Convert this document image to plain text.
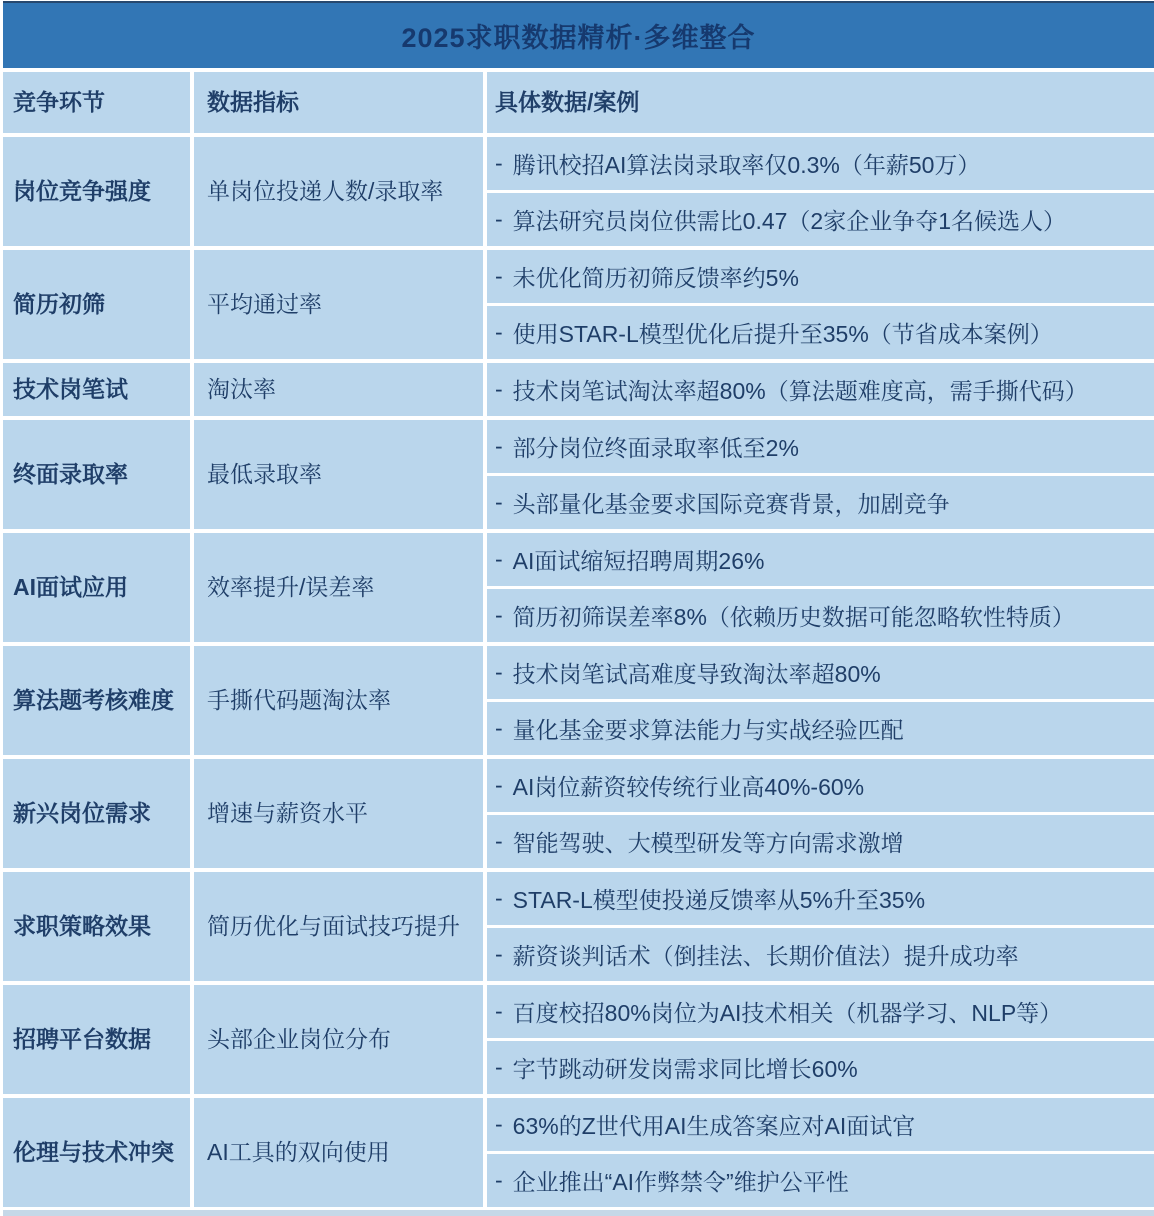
2025求职数据精析·多维整合
竞争环节	数据指标	具体数据/案例
岗位竞争强度	单岗位投递人数/录取率
- 腾讯校招AI算法岗录取率仅0.3%（年薪50万）
- 算法研究员岗位供需比0.47（2家企业争夺1名候选人）
简历初筛	平均通过率
- 未优化简历初筛反馈率约5%
- 使用STAR-L模型优化后提升至35%（节省成本案例）
技术岗笔试	淘汰率	- 技术岗笔试淘汰率超80%（算法题难度高，需手撕代码）
终面录取率	最低录取率
- 部分岗位终面录取率低至2%
- 头部量化基金要求国际竞赛背景，加剧竞争
AI面试应用	效率提升/误差率
- AI面试缩短招聘周期26%
- 简历初筛误差率8%（依赖历史数据可能忽略软性特质）
算法题考核难度	手撕代码题淘汰率
- 技术岗笔试高难度导致淘汰率超80%
- 量化基金要求算法能力与实战经验匹配
新兴岗位需求	增速与薪资水平
- AI岗位薪资较传统行业高40%-60%
- 智能驾驶、大模型研发等方向需求激增
求职策略效果	简历优化与面试技巧提升
- STAR-L模型使投递反馈率从5%升至35%
- 薪资谈判话术（倒挂法、长期价值法）提升成功率
招聘平台数据	头部企业岗位分布
- 百度校招80%岗位为AI技术相关（机器学习、NLP等）
- 字节跳动研发岗需求同比增长60%
伦理与技术冲突	AI工具的双向使用
- 63%的Z世代用AI生成答案应对AI面试官
- 企业推出“AI作弊禁令”维护公平性
